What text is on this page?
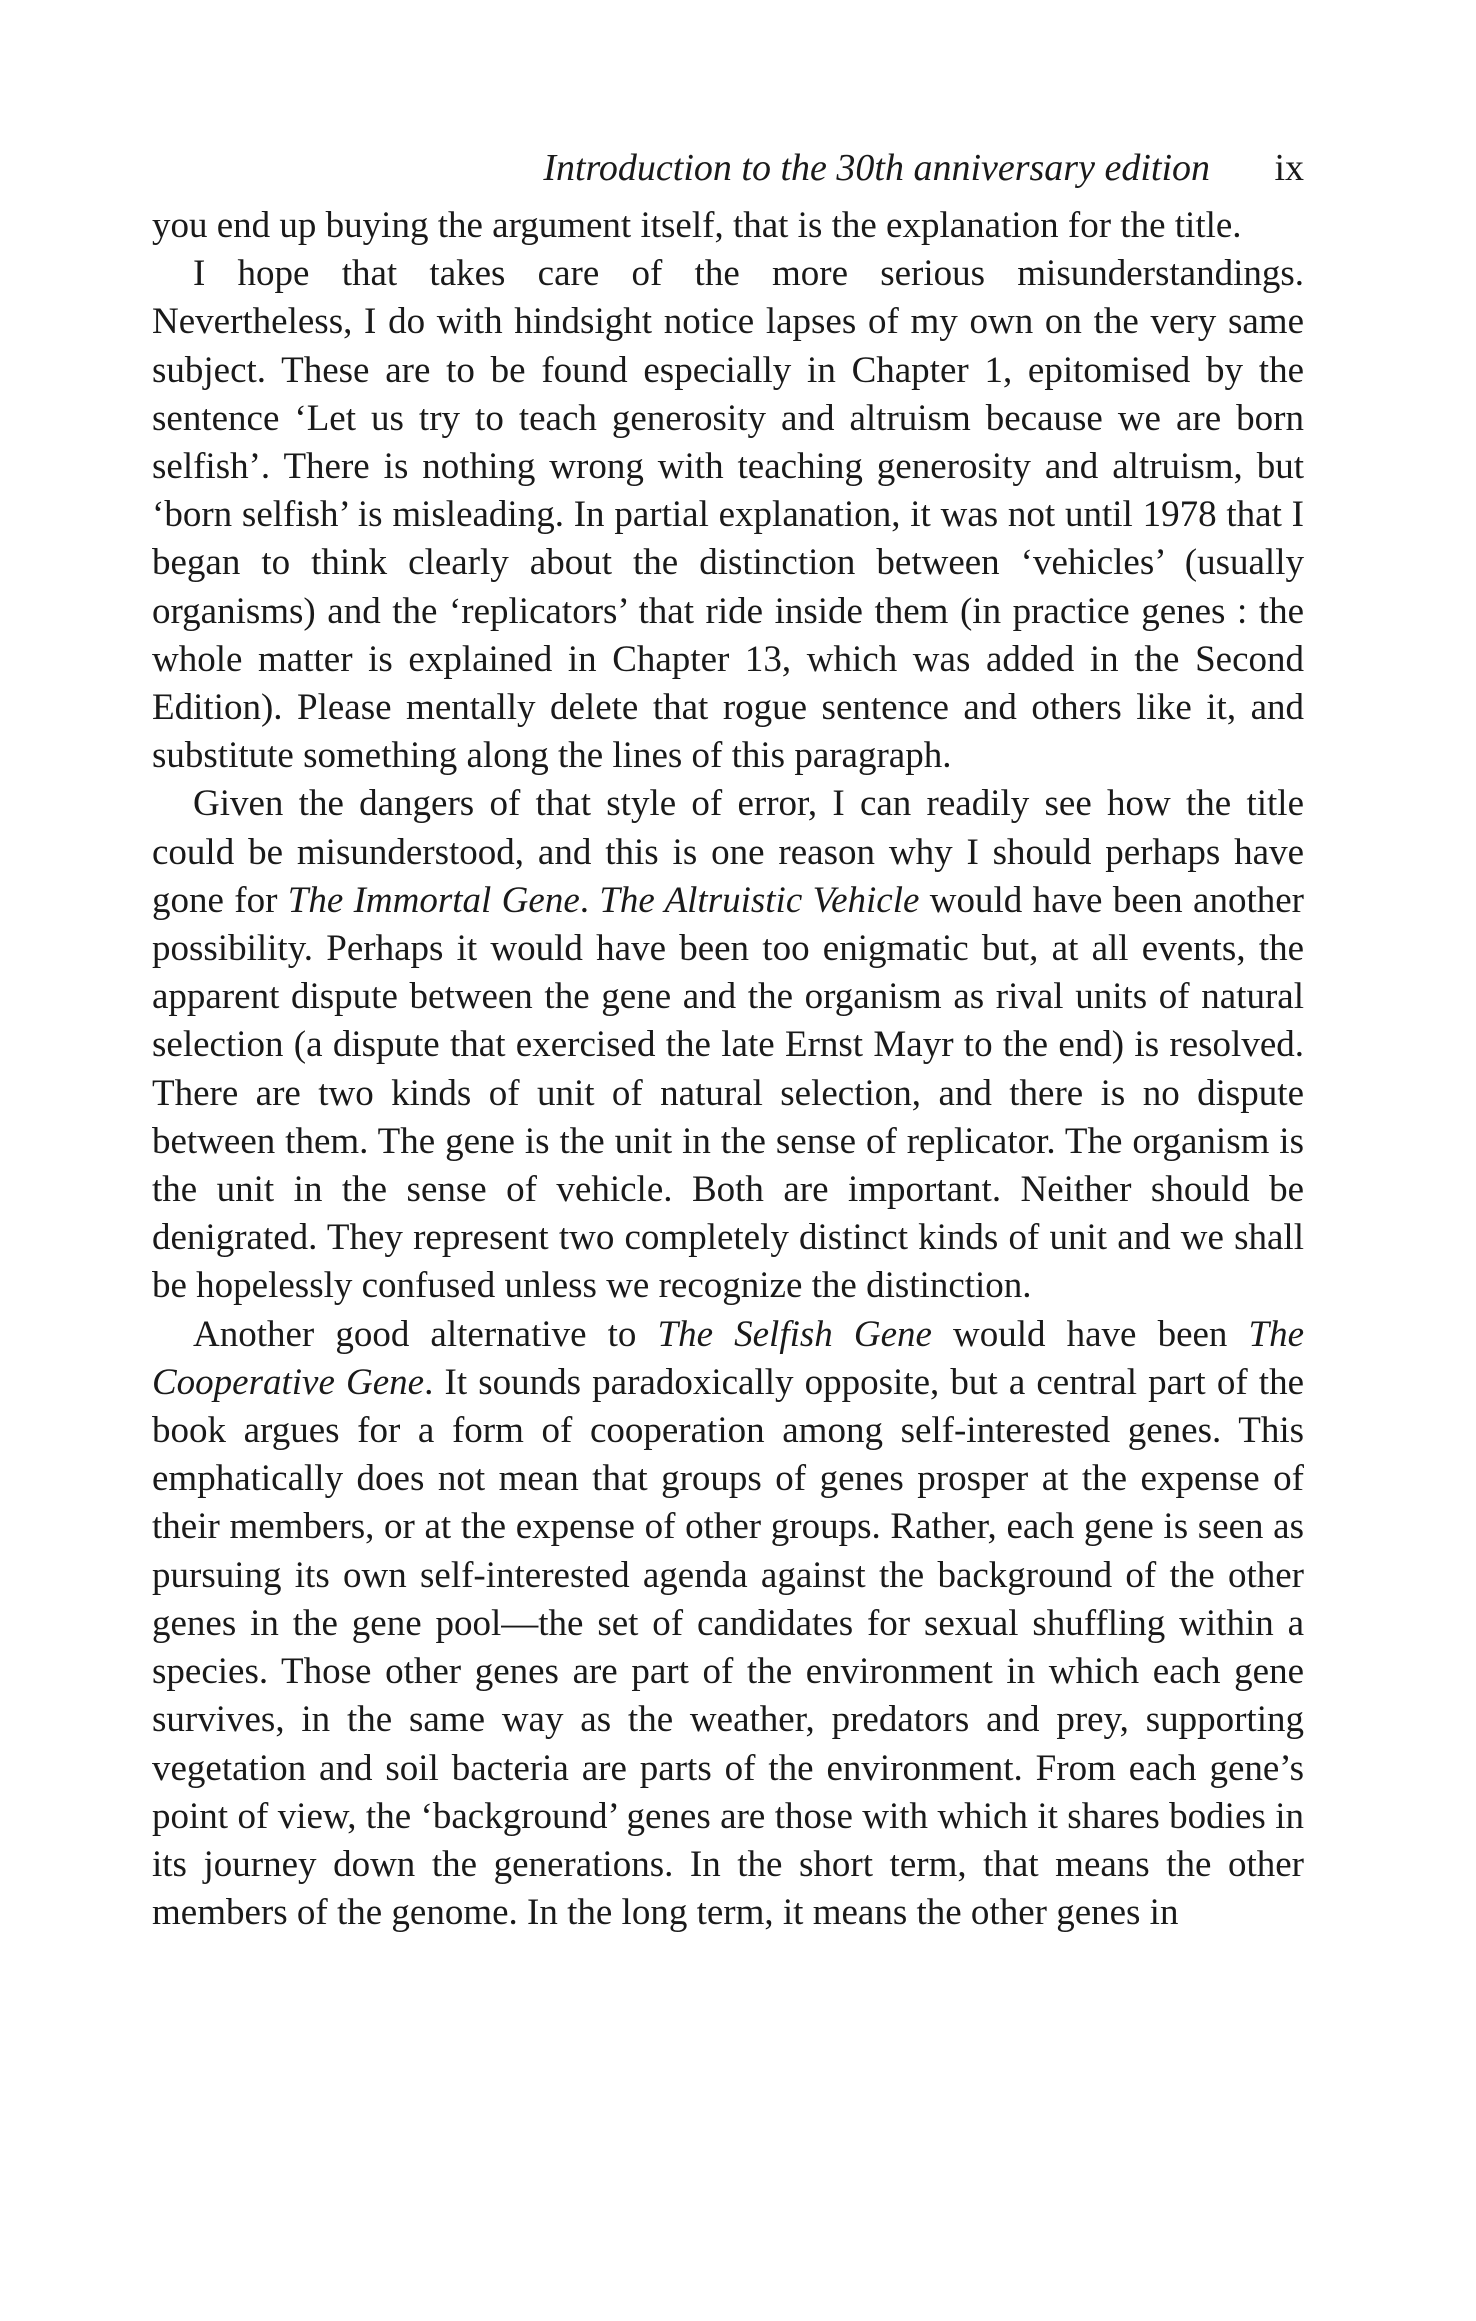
Introduction to the 30th anniversary edition ix

you end up buying the argument itself, that is the explanation for the title.

I hope that takes care of the more serious misunderstandings. Nevertheless, I do with hindsight notice lapses of my own on the very same subject. These are to be found especially in Chapter 1, epitomised by the sentence ‘Let us try to teach generosity and altruism because we are born selfish’. There is nothing wrong with teaching generosity and altruism, but ‘born selfish’ is misleading. In partial explanation, it was not until 1978 that I began to think clearly about the distinction between ‘vehicles’ (usually organisms) and the ‘replicators’ that ride inside them (in practice genes : the whole matter is explained in Chapter 13, which was added in the Second Edition). Please mentally delete that rogue sentence and others like it, and substitute something along the lines of this paragraph.

Given the dangers of that style of error, I can readily see how the title could be misunderstood, and this is one reason why I should perhaps have gone for The Immortal Gene. The Altruistic Vehicle would have been another possibility. Perhaps it would have been too enigmatic but, at all events, the apparent dispute between the gene and the organism as rival units of natural selection (a dispute that exercised the late Ernst Mayr to the end) is resolved. There are two kinds of unit of natural selection, and there is no dispute between them. The gene is the unit in the sense of replicator. The organism is the unit in the sense of vehicle. Both are important. Neither should be denigrated. They represent two completely distinct kinds of unit and we shall be hopelessly confused unless we recognize the distinction.

Another good alternative to The Selfish Gene would have been The Cooperative Gene. It sounds paradoxically opposite, but a central part of the book argues for a form of cooperation among self-interested genes. This emphatically does not mean that groups of genes prosper at the expense of their members, or at the expense of other groups. Rather, each gene is seen as pursuing its own self-interested agenda against the background of the other genes in the gene pool—the set of candidates for sexual shuffling within a species. Those other genes are part of the environment in which each gene survives, in the same way as the weather, predators and prey, supporting vegetation and soil bacteria are parts of the environment. From each gene’s point of view, the ‘background’ genes are those with which it shares bodies in its journey down the generations. In the short term, that means the other members of the genome. In the long term, it means the other genes in
